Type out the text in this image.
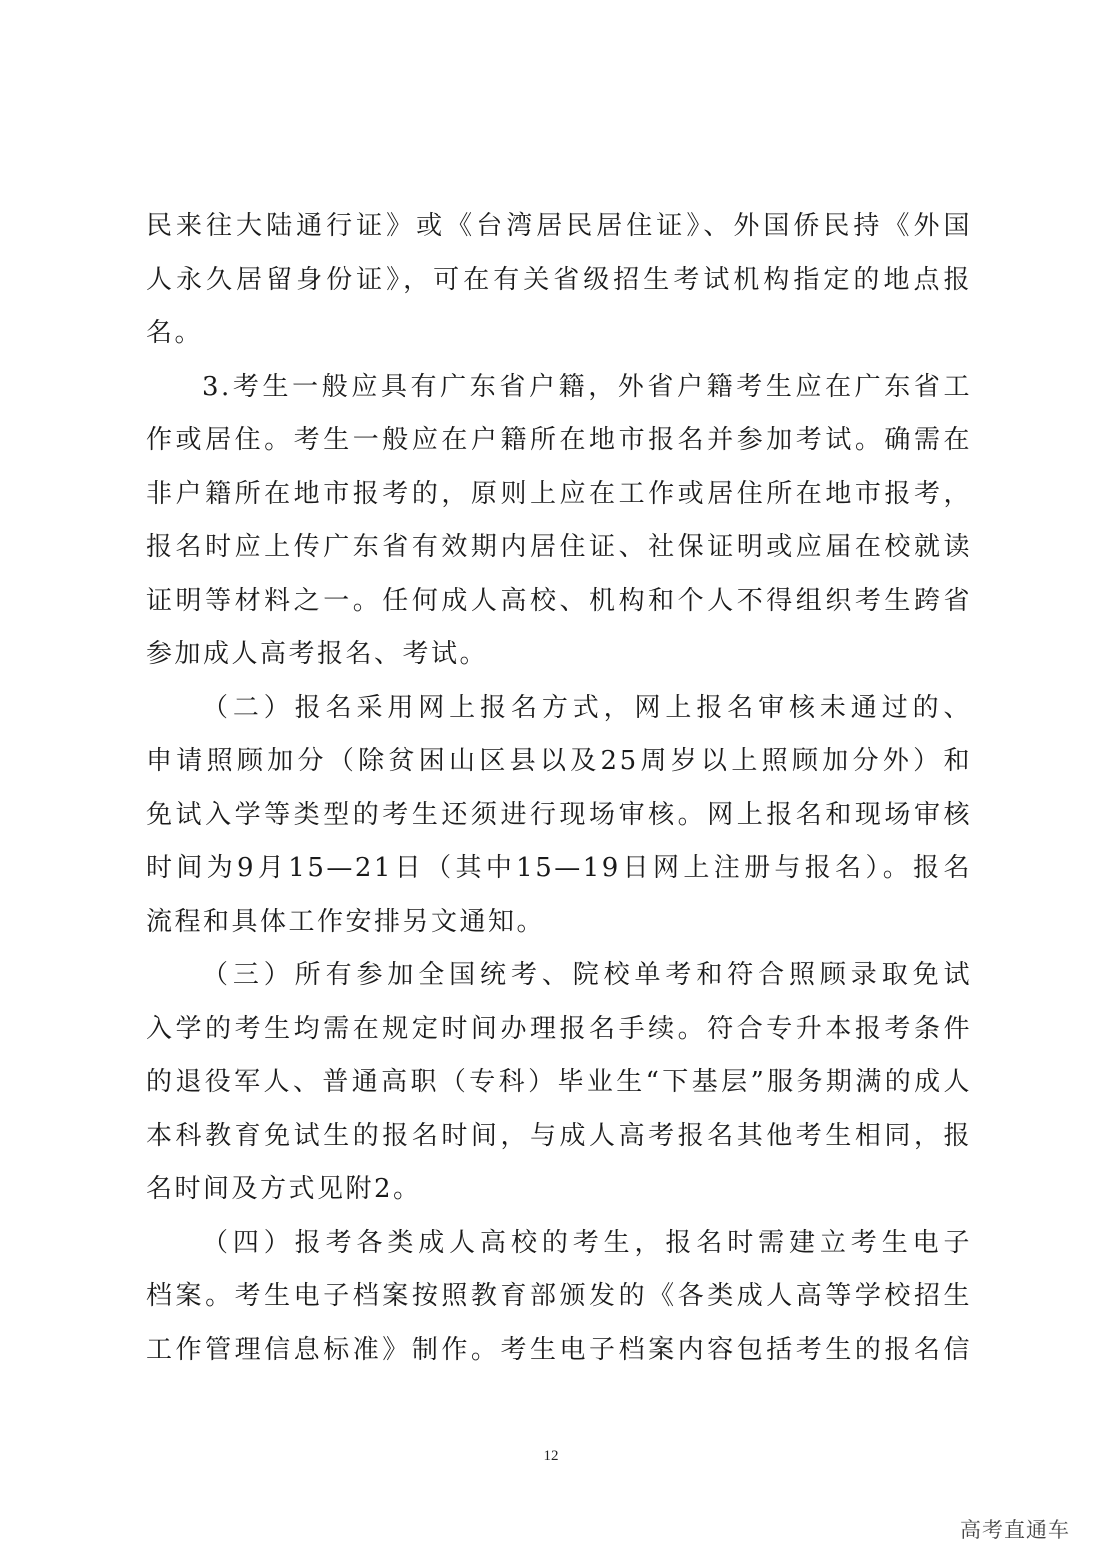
民来往大陆通行证》或《台湾居民居住证》、外国侨民持《外国
人永久居留身份证》，可在有关省级招生考试机构指定的地点报
名。
3.考生一般应具有广东省户籍，外省户籍考生应在广东省工
作或居住。考生一般应在户籍所在地市报名并参加考试。确需在
非户籍所在地市报考的，原则上应在工作或居住所在地市报考，
报名时应上传广东省有效期内居住证、社保证明或应届在校就读
证明等材料之一。任何成人高校、机构和个人不得组织考生跨省
参加成人高考报名、考试。
（二）报名采用网上报名方式，网上报名审核未通过的、
申请照顾加分（除贫困山区县以及25周岁以上照顾加分外）和
免试入学等类型的考生还须进行现场审核。网上报名和现场审核
时间为9月15—21日（其中15—19日网上注册与报名）。报名
流程和具体工作安排另文通知。
（三）所有参加全国统考、院校单考和符合照顾录取免试
入学的考生均需在规定时间办理报名手续。符合专升本报考条件
的退役军人、普通高职（专科）毕业生“下基层”服务期满的成人
本科教育免试生的报名时间，与成人高考报名其他考生相同，报
名时间及方式见附2。
（四）报考各类成人高校的考生，报名时需建立考生电子
档案。考生电子档案按照教育部颁发的《各类成人高等学校招生
工作管理信息标准》制作。考生电子档案内容包括考生的报名信
12
高考直通车
